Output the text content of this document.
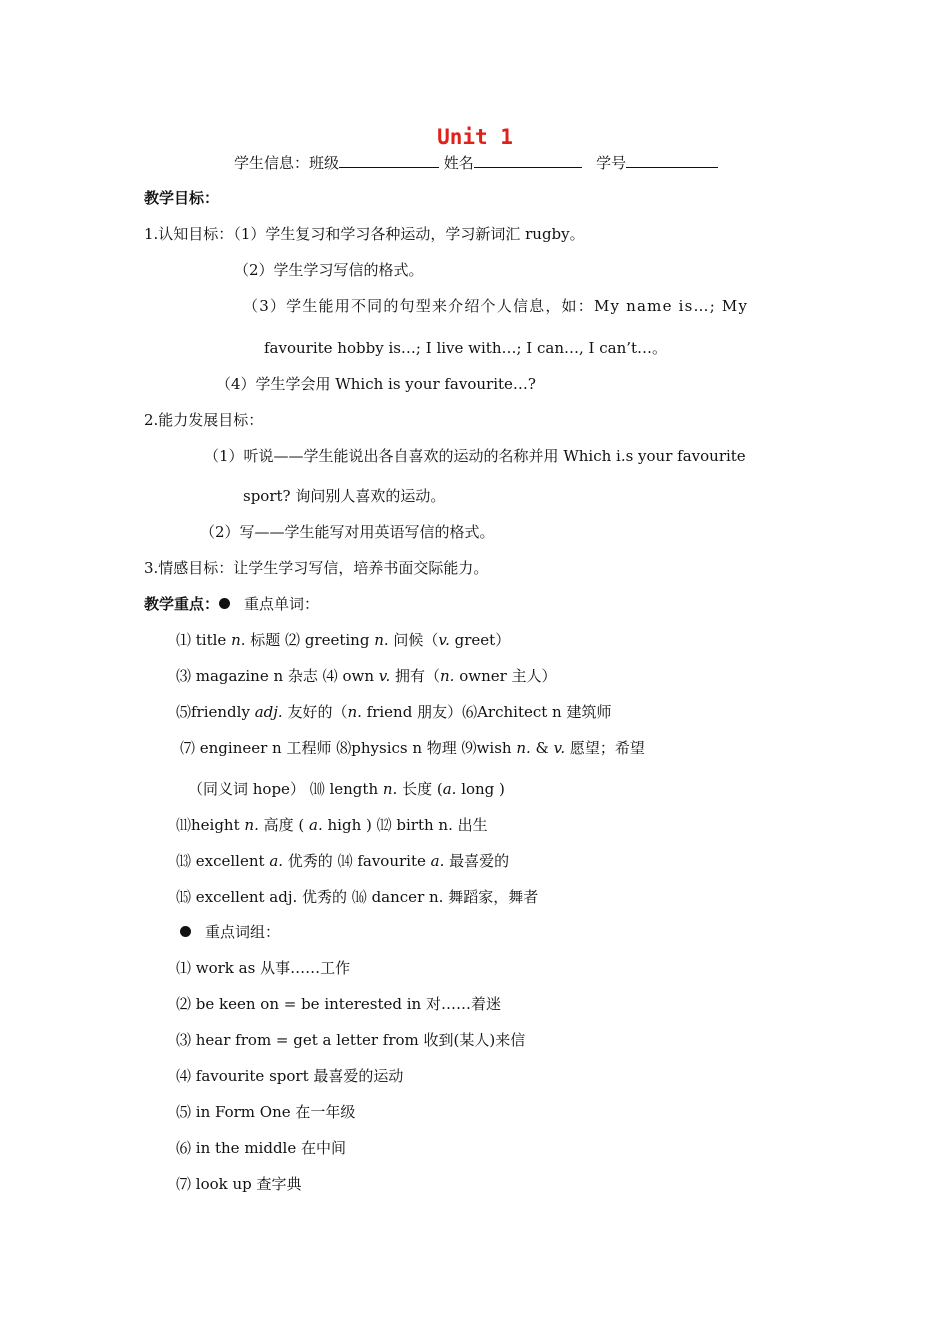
Unit 1
学生信息：班级	姓名	学号
教学目标：
1.认知目标：（1）学生复习和学习各种运动，学习新词汇 rugby。
（2）学生学习写信的格式。
（3）学生能用不同的句型来介绍个人信息，如：My name is…; My
favourite hobby is…; I live with…; I can…, I can’t…。
（4）学生学会用 Which is your favourite…?
2.能力发展目标：
（1）听说——学生能说出各自喜欢的运动的名称并用 Which i.s your favourite
sport? 询问别人喜欢的运动。
（2）写——学生能写对用英语写信的格式。
3.情感目标：让学生学习写信，培养书面交际能力。
教学重点： 重点单词：
⑴ title n. 标题 ⑵ greeting n. 问候（v. greet）
⑶ magazine n 杂志 ⑷ own v. 拥有（n. owner 主人）
⑸friendly adj. 友好的（n. friend 朋友）⑹Architect n 建筑师
⑺ engineer n 工程师 ⑻physics n 物理 ⑼wish n. & v. 愿望；希望
（同义词 hope） ⑽ length n. 长度 (a. long )
⑾height n. 高度 ( a. high ) ⑿ birth n. 出生
⒀ excellent a. 优秀的 ⒁ favourite a. 最喜爱的
⒂ excellent adj. 优秀的 ⒃ dancer n. 舞蹈家，舞者
重点词组：
⑴ work as 从事……工作
⑵ be keen on = be interested in 对……着迷
⑶ hear from = get a letter from 收到(某人)来信
⑷ favourite sport 最喜爱的运动
⑸ in Form One 在一年级
⑹ in the middle 在中间
⑺ look up 查字典
